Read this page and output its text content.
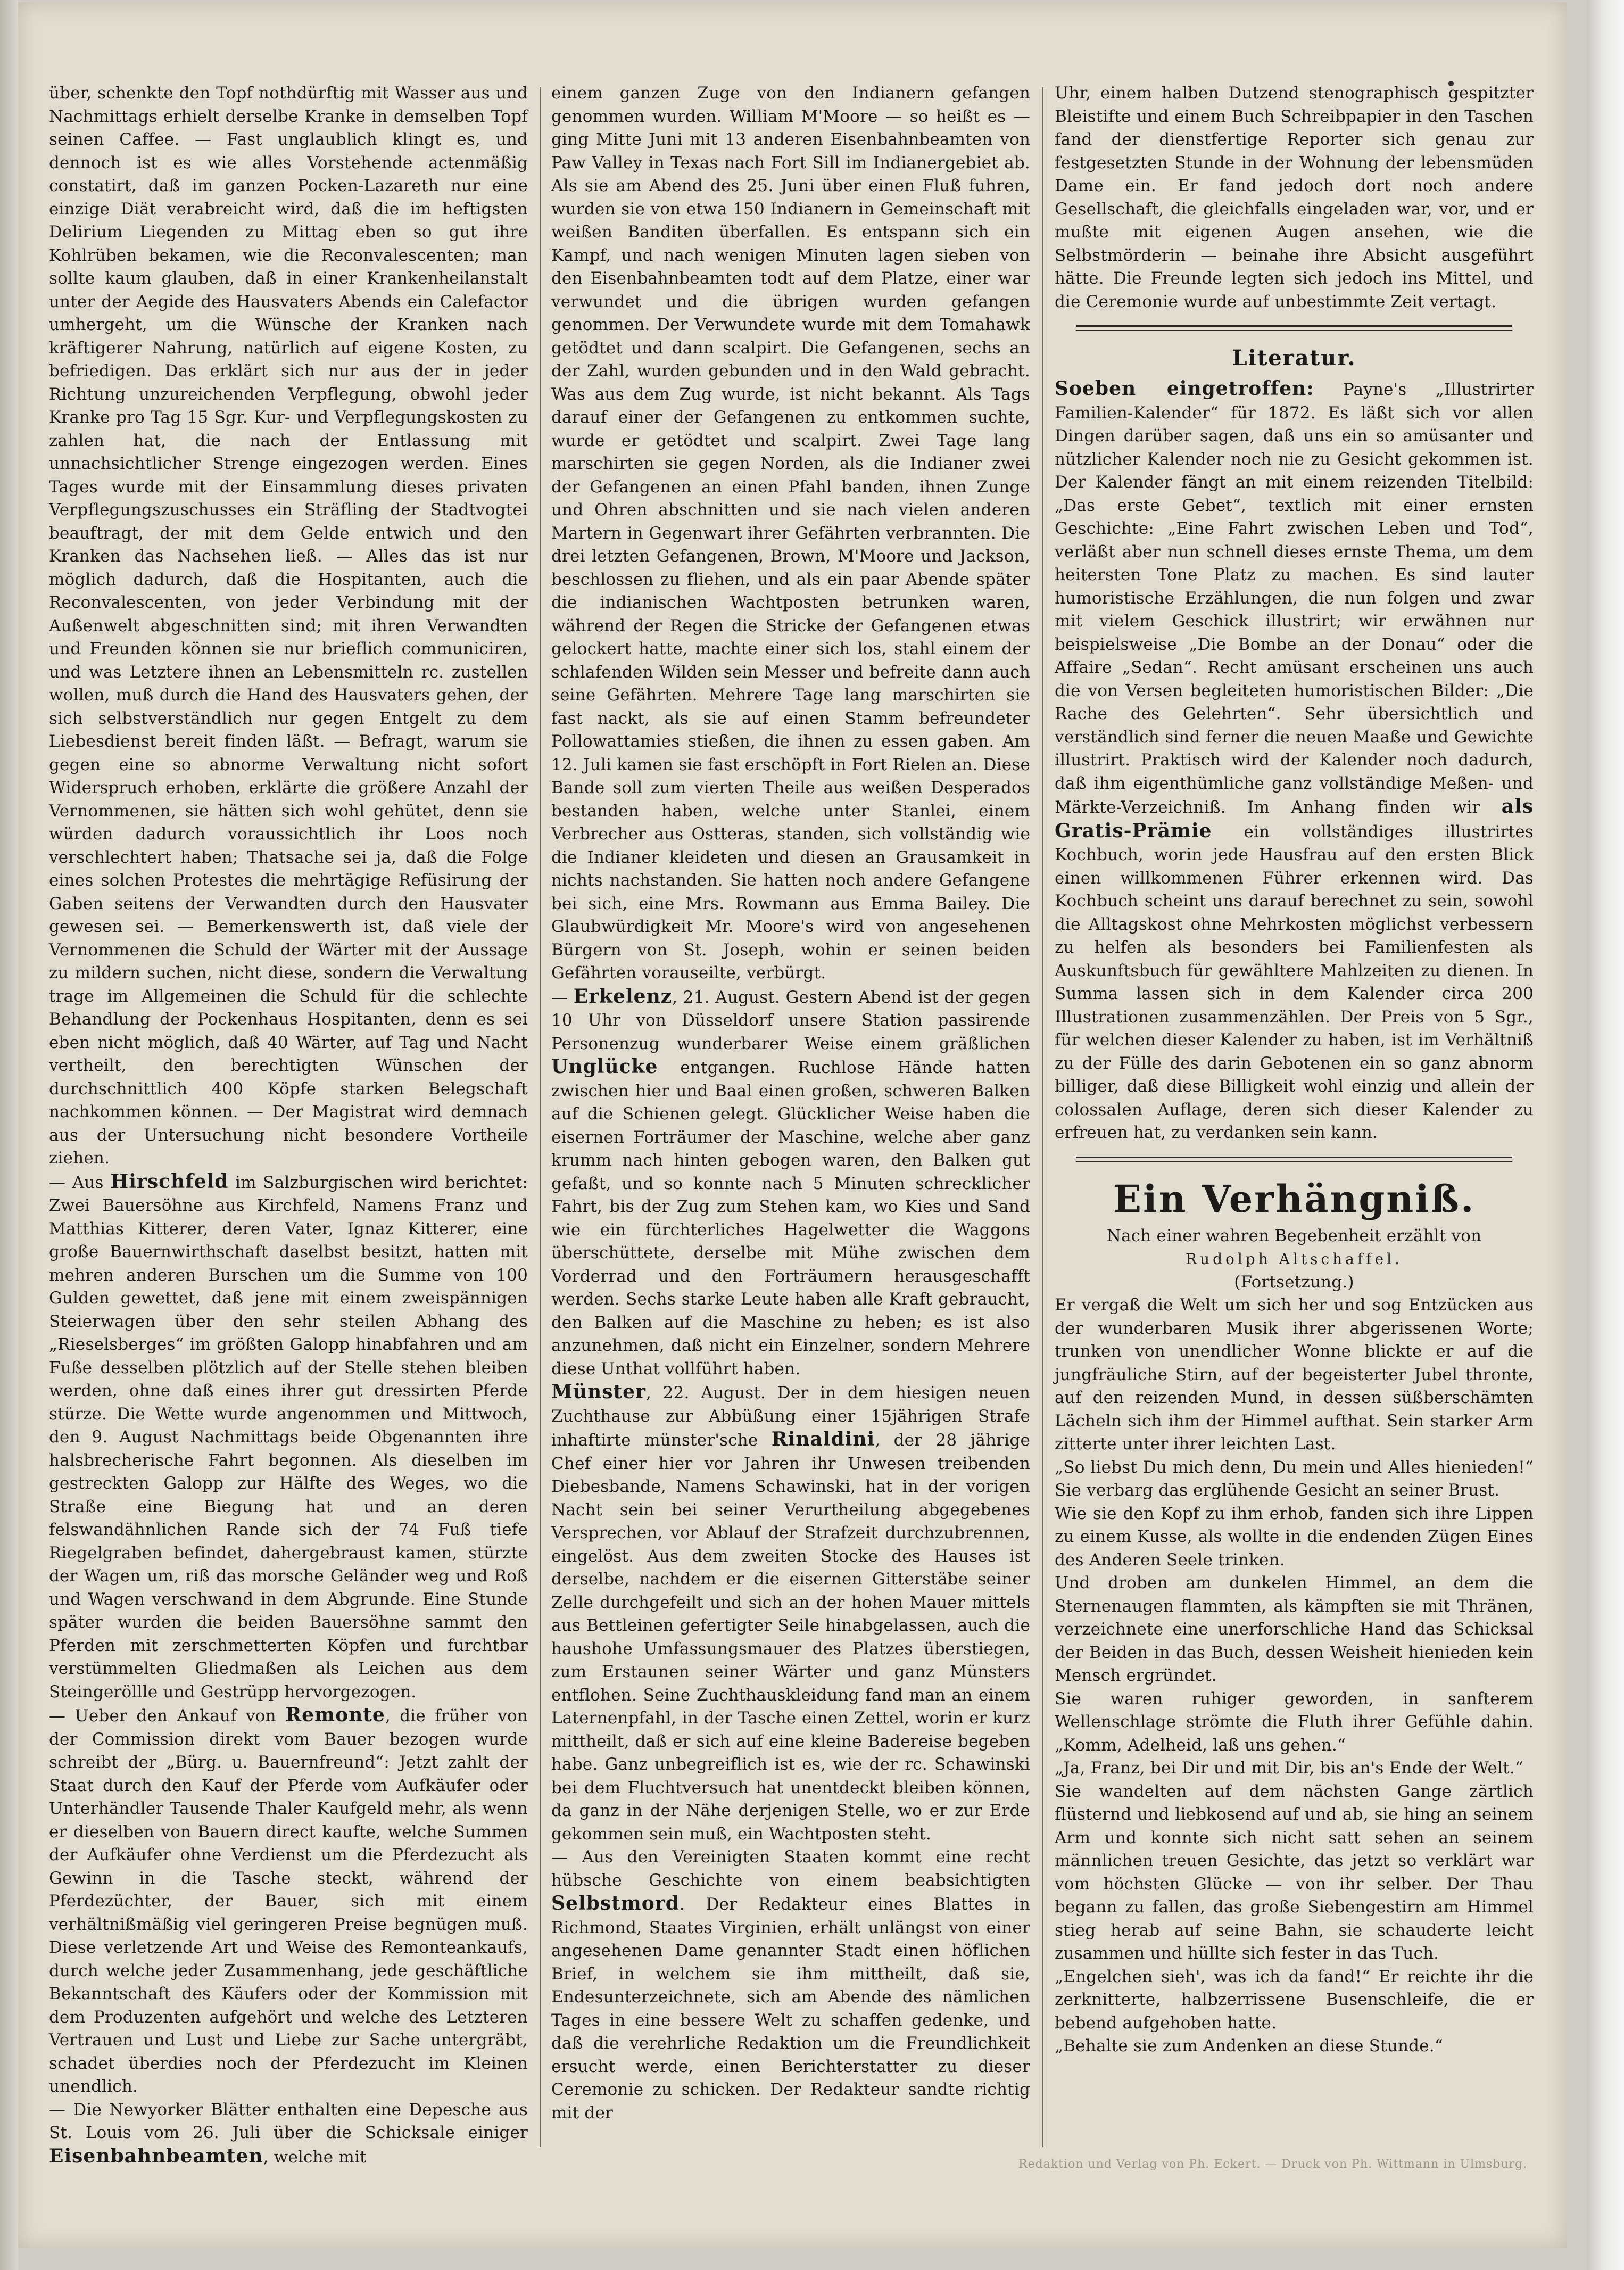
über, schenkte den Topf nothdürftig mit Wasser aus und Nachmittags erhielt derselbe Kranke in demselben Topf seinen Caffee. — Fast unglaublich klingt es, und dennoch ist es wie alles Vorstehende actenmäßig constatirt, daß im ganzen Pocken-Lazareth nur eine einzige Diät verabreicht wird, daß die im heftigsten Delirium Liegenden zu Mittag eben so gut ihre Kohlrüben bekamen, wie die Reconvalescenten; man sollte kaum glauben, daß in einer Krankenheilanstalt unter der Aegide des Hausvaters Abends ein Calefactor umhergeht, um die Wünsche der Kranken nach kräftigerer Nahrung, natürlich auf eigene Kosten, zu befriedigen. Das erklärt sich nur aus der in jeder Richtung unzureichenden Verpflegung, obwohl jeder Kranke pro Tag 15 Sgr. Kur- und Verpflegungskosten zu zahlen hat, die nach der Entlassung mit unnachsichtlicher Strenge eingezogen werden. Eines Tages wurde mit der Einsammlung dieses privaten Verpflegungszuschusses ein Sträfling der Stadtvogtei beauftragt, der mit dem Gelde entwich und den Kranken das Nachsehen ließ. — Alles das ist nur möglich dadurch, daß die Hospitanten, auch die Reconvalescenten, von jeder Verbindung mit der Außenwelt abgeschnitten sind; mit ihren Verwandten und Freunden können sie nur brieflich communiciren, und was Letztere ihnen an Lebensmitteln rc. zustellen wollen, muß durch die Hand des Hausvaters gehen, der sich selbstverständlich nur gegen Entgelt zu dem Liebesdienst bereit finden läßt. — Befragt, warum sie gegen eine so abnorme Verwaltung nicht sofort Widerspruch erhoben, erklärte die größere Anzahl der Vernommenen, sie hätten sich wohl gehütet, denn sie würden dadurch voraussichtlich ihr Loos noch verschlechtert haben; Thatsache sei ja, daß die Folge eines solchen Protestes die mehrtägige Refüsirung der Gaben seitens der Verwandten durch den Hausvater gewesen sei. — Bemerkenswerth ist, daß viele der Vernommenen die Schuld der Wärter mit der Aussage zu mildern suchen, nicht diese, sondern die Verwaltung trage im Allgemeinen die Schuld für die schlechte Behandlung der Pockenhaus Hospitanten, denn es sei eben nicht möglich, daß 40 Wärter, auf Tag und Nacht vertheilt, den berechtigten Wünschen der durchschnittlich 400 Köpfe starken Belegschaft nachkommen können. — Der Magistrat wird demnach aus der Untersuchung nicht besondere Vortheile ziehen.

— Aus Hirschfeld im Salzburgischen wird berichtet: Zwei Bauersöhne aus Kirchfeld, Namens Franz und Matthias Kitterer, deren Vater, Ignaz Kitterer, eine große Bauernwirthschaft daselbst besitzt, hatten mit mehren anderen Burschen um die Summe von 100 Gulden gewettet, daß jene mit einem zweispännigen Steierwagen über den sehr steilen Abhang des „Rieselsberges“ im größten Galopp hinabfahren und am Fuße desselben plötzlich auf der Stelle stehen bleiben werden, ohne daß eines ihrer gut dressirten Pferde stürze. Die Wette wurde angenommen und Mittwoch, den 9. August Nachmittags beide Obgenannten ihre halsbrecherische Fahrt begonnen. Als dieselben im gestreckten Galopp zur Hälfte des Weges, wo die Straße eine Biegung hat und an deren felswandähnlichen Rande sich der 74 Fuß tiefe Riegelgraben befindet, dahergebraust kamen, stürzte der Wagen um, riß das morsche Geländer weg und Roß und Wagen verschwand in dem Abgrunde. Eine Stunde später wurden die beiden Bauersöhne sammt den Pferden mit zerschmetterten Köpfen und furchtbar verstümmelten Gliedmaßen als Leichen aus dem Steingeröllle und Gestrüpp hervorgezogen.

— Ueber den Ankauf von Remonte, die früher von der Commission direkt vom Bauer bezogen wurde schreibt der „Bürg. u. Bauernfreund“: Jetzt zahlt der Staat durch den Kauf der Pferde vom Aufkäufer oder Unterhändler Tausende Thaler Kaufgeld mehr, als wenn er dieselben von Bauern direct kaufte, welche Summen der Aufkäufer ohne Verdienst um die Pferdezucht als Gewinn in die Tasche steckt, während der Pferdezüchter, der Bauer, sich mit einem verhältnißmäßig viel geringeren Preise begnügen muß. Diese verletzende Art und Weise des Remonteankaufs, durch welche jeder Zusammenhang, jede geschäftliche Bekanntschaft des Käufers oder der Kommission mit dem Produzenten aufgehört und welche des Letzteren Vertrauen und Lust und Liebe zur Sache untergräbt, schadet überdies noch der Pferdezucht im Kleinen unendlich.

— Die Newyorker Blätter enthalten eine Depesche aus St. Louis vom 26. Juli über die Schicksale einiger Eisenbahnbeamten, welche mit

einem ganzen Zuge von den Indianern gefangen genommen wurden. William M'Moore — so heißt es — ging Mitte Juni mit 13 anderen Eisenbahnbeamten von Paw Valley in Texas nach Fort Sill im Indianergebiet ab. Als sie am Abend des 25. Juni über einen Fluß fuhren, wurden sie von etwa 150 Indianern in Gemeinschaft mit weißen Banditen überfallen. Es entspann sich ein Kampf, und nach wenigen Minuten lagen sieben von den Eisenbahnbeamten todt auf dem Platze, einer war verwundet und die übrigen wurden gefangen genommen. Der Verwundete wurde mit dem Tomahawk getödtet und dann scalpirt. Die Gefangenen, sechs an der Zahl, wurden gebunden und in den Wald gebracht. Was aus dem Zug wurde, ist nicht bekannt. Als Tags darauf einer der Gefangenen zu entkommen suchte, wurde er getödtet und scalpirt. Zwei Tage lang marschirten sie gegen Norden, als die Indianer zwei der Gefangenen an einen Pfahl banden, ihnen Zunge und Ohren abschnitten und sie nach vielen anderen Martern in Gegenwart ihrer Gefährten verbrannten. Die drei letzten Gefangenen, Brown, M'Moore und Jackson, beschlossen zu fliehen, und als ein paar Abende später die indianischen Wachtposten betrunken waren, während der Regen die Stricke der Gefangenen etwas gelockert hatte, machte einer sich los, stahl einem der schlafenden Wilden sein Messer und befreite dann auch seine Gefährten. Mehrere Tage lang marschirten sie fast nackt, als sie auf einen Stamm befreundeter Pollowattamies stießen, die ihnen zu essen gaben. Am 12. Juli kamen sie fast erschöpft in Fort Rielen an. Diese Bande soll zum vierten Theile aus weißen Desperados bestanden haben, welche unter Stanlei, einem Verbrecher aus Ostteras, standen, sich vollständig wie die Indianer kleideten und diesen an Grausamkeit in nichts nachstanden. Sie hatten noch andere Gefangene bei sich, eine Mrs. Rowmann aus Emma Bailey. Die Glaubwürdigkeit Mr. Moore's wird von angesehenen Bürgern von St. Joseph, wohin er seinen beiden Gefährten vorauseilte, verbürgt.

— Erkelenz, 21. August. Gestern Abend ist der gegen 10 Uhr von Düsseldorf unsere Station passirende Personenzug wunderbarer Weise einem gräßlichen Unglücke entgangen. Ruchlose Hände hatten zwischen hier und Baal einen großen, schweren Balken auf die Schienen gelegt. Glücklicher Weise haben die eisernen Forträumer der Maschine, welche aber ganz krumm nach hinten gebogen waren, den Balken gut gefaßt, und so konnte nach 5 Minuten schrecklicher Fahrt, bis der Zug zum Stehen kam, wo Kies und Sand wie ein fürchterliches Hagelwetter die Waggons überschüttete, derselbe mit Mühe zwischen dem Vorderrad und den Forträumern herausgeschafft werden. Sechs starke Leute haben alle Kraft gebraucht, den Balken auf die Maschine zu heben; es ist also anzunehmen, daß nicht ein Einzelner, sondern Mehrere diese Unthat vollführt haben.

Münster, 22. August. Der in dem hiesigen neuen Zuchthause zur Abbüßung einer 15jährigen Strafe inhaftirte münster'sche Rinaldini, der 28 jährige Chef einer hier vor Jahren ihr Unwesen treibenden Diebesbande, Namens Schawinski, hat in der vorigen Nacht sein bei seiner Verurtheilung abgegebenes Versprechen, vor Ablauf der Strafzeit durchzubrennen, eingelöst. Aus dem zweiten Stocke des Hauses ist derselbe, nachdem er die eisernen Gitterstäbe seiner Zelle durchgefeilt und sich an der hohen Mauer mittels aus Bettleinen gefertigter Seile hinabgelassen, auch die haushohe Umfassungsmauer des Platzes überstiegen, zum Erstaunen seiner Wärter und ganz Münsters entflohen. Seine Zuchthauskleidung fand man an einem Laternenpfahl, in der Tasche einen Zettel, worin er kurz mittheilt, daß er sich auf eine kleine Badereise begeben habe. Ganz unbegreiflich ist es, wie der rc. Schawinski bei dem Fluchtversuch hat unentdeckt bleiben können, da ganz in der Nähe derjenigen Stelle, wo er zur Erde gekommen sein muß, ein Wachtposten steht.

— Aus den Vereinigten Staaten kommt eine recht hübsche Geschichte von einem beabsichtigten Selbstmord. Der Redakteur eines Blattes in Richmond, Staates Virginien, erhält unlängst von einer angesehenen Dame genannter Stadt einen höflichen Brief, in welchem sie ihm mittheilt, daß sie, Endesunterzeichnete, sich am Abende des nämlichen Tages in eine bessere Welt zu schaffen gedenke, und daß die verehrliche Redaktion um die Freundlichkeit ersucht werde, einen Berichterstatter zu dieser Ceremonie zu schicken. Der Redakteur sandte richtig mit der

Uhr, einem halben Dutzend stenographisch gespitzter Bleistifte und einem Buch Schreibpapier in den Taschen fand der dienstfertige Reporter sich genau zur festgesetzten Stunde in der Wohnung der lebensmüden Dame ein. Er fand jedoch dort noch andere Gesellschaft, die gleichfalls eingeladen war, vor, und er mußte mit eigenen Augen ansehen, wie die Selbstmörderin — beinahe ihre Absicht ausgeführt hätte. Die Freunde legten sich jedoch ins Mittel, und die Ceremonie wurde auf unbestimmte Zeit vertagt.

Literatur.

Soeben eingetroffen: Payne's „Illustrirter Familien-Kalender“ für 1872. Es läßt sich vor allen Dingen darüber sagen, daß uns ein so amüsanter und nützlicher Kalender noch nie zu Gesicht gekommen ist. Der Kalender fängt an mit einem reizenden Titelbild: „Das erste Gebet“, textlich mit einer ernsten Geschichte: „Eine Fahrt zwischen Leben und Tod“, verläßt aber nun schnell dieses ernste Thema, um dem heitersten Tone Platz zu machen. Es sind lauter humoristische Erzählungen, die nun folgen und zwar mit vielem Geschick illustrirt; wir erwähnen nur beispielsweise „Die Bombe an der Donau“ oder die Affaire „Sedan“. Recht amüsant erscheinen uns auch die von Versen begleiteten humoristischen Bilder: „Die Rache des Gelehrten“. Sehr übersichtlich und verständlich sind ferner die neuen Maaße und Gewichte illustrirt. Praktisch wird der Kalender noch dadurch, daß ihm eigenthümliche ganz vollständige Meßen- und Märkte-Verzeichniß. Im Anhang finden wir als Gratis-Prämie ein vollständiges illustrirtes Kochbuch, worin jede Hausfrau auf den ersten Blick einen willkommenen Führer erkennen wird. Das Kochbuch scheint uns darauf berechnet zu sein, sowohl die Alltagskost ohne Mehrkosten möglichst verbessern zu helfen als besonders bei Familienfesten als Auskunftsbuch für gewähltere Mahlzeiten zu dienen. In Summa lassen sich in dem Kalender circa 200 Illustrationen zusammenzählen. Der Preis von 5 Sgr., für welchen dieser Kalender zu haben, ist im Verhältniß zu der Fülle des darin Gebotenen ein so ganz abnorm billiger, daß diese Billigkeit wohl einzig und allein der colossalen Auflage, deren sich dieser Kalender zu erfreuen hat, zu verdanken sein kann.

Ein Verhängniß.
Nach einer wahren Begebenheit erzählt von
Rudolph Altschaffel.
(Fortsetzung.)

Er vergaß die Welt um sich her und sog Entzücken aus der wunderbaren Musik ihrer abgerissenen Worte; trunken von unendlicher Wonne blickte er auf die jungfräuliche Stirn, auf der begeisterter Jubel thronte, auf den reizenden Mund, in dessen süßberschämten Lächeln sich ihm der Himmel aufthat. Sein starker Arm zitterte unter ihrer leichten Last.

„So liebst Du mich denn, Du mein und Alles hienieden!“ Sie verbarg das erglühende Gesicht an seiner Brust.

Wie sie den Kopf zu ihm erhob, fanden sich ihre Lippen zu einem Kusse, als wollte in die endenden Zügen Eines des Anderen Seele trinken.

Und droben am dunkelen Himmel, an dem die Sternenaugen flammten, als kämpften sie mit Thränen, verzeichnete eine unerforschliche Hand das Schicksal der Beiden in das Buch, dessen Weisheit hienieden kein Mensch ergründet.

Sie waren ruhiger geworden, in sanfterem Wellenschlage strömte die Fluth ihrer Gefühle dahin. „Komm, Adelheid, laß uns gehen.“

„Ja, Franz, bei Dir und mit Dir, bis an's Ende der Welt.“

Sie wandelten auf dem nächsten Gange zärtlich flüsternd und liebkosend auf und ab, sie hing an seinem Arm und konnte sich nicht satt sehen an seinem männlichen treuen Gesichte, das jetzt so verklärt war vom höchsten Glücke — von ihr selber. Der Thau begann zu fallen, das große Siebengestirn am Himmel stieg herab auf seine Bahn, sie schauderte leicht zusammen und hüllte sich fester in das Tuch.

„Engelchen sieh', was ich da fand!“ Er reichte ihr die zerknitterte, halbzerrissene Busenschleife, die er bebend aufgehoben hatte.

„Behalte sie zum Andenken an diese Stunde.“

Redaktion und Verlag von Ph. Eckert. — Druck von Ph. Wittmann in Ulmsburg.
